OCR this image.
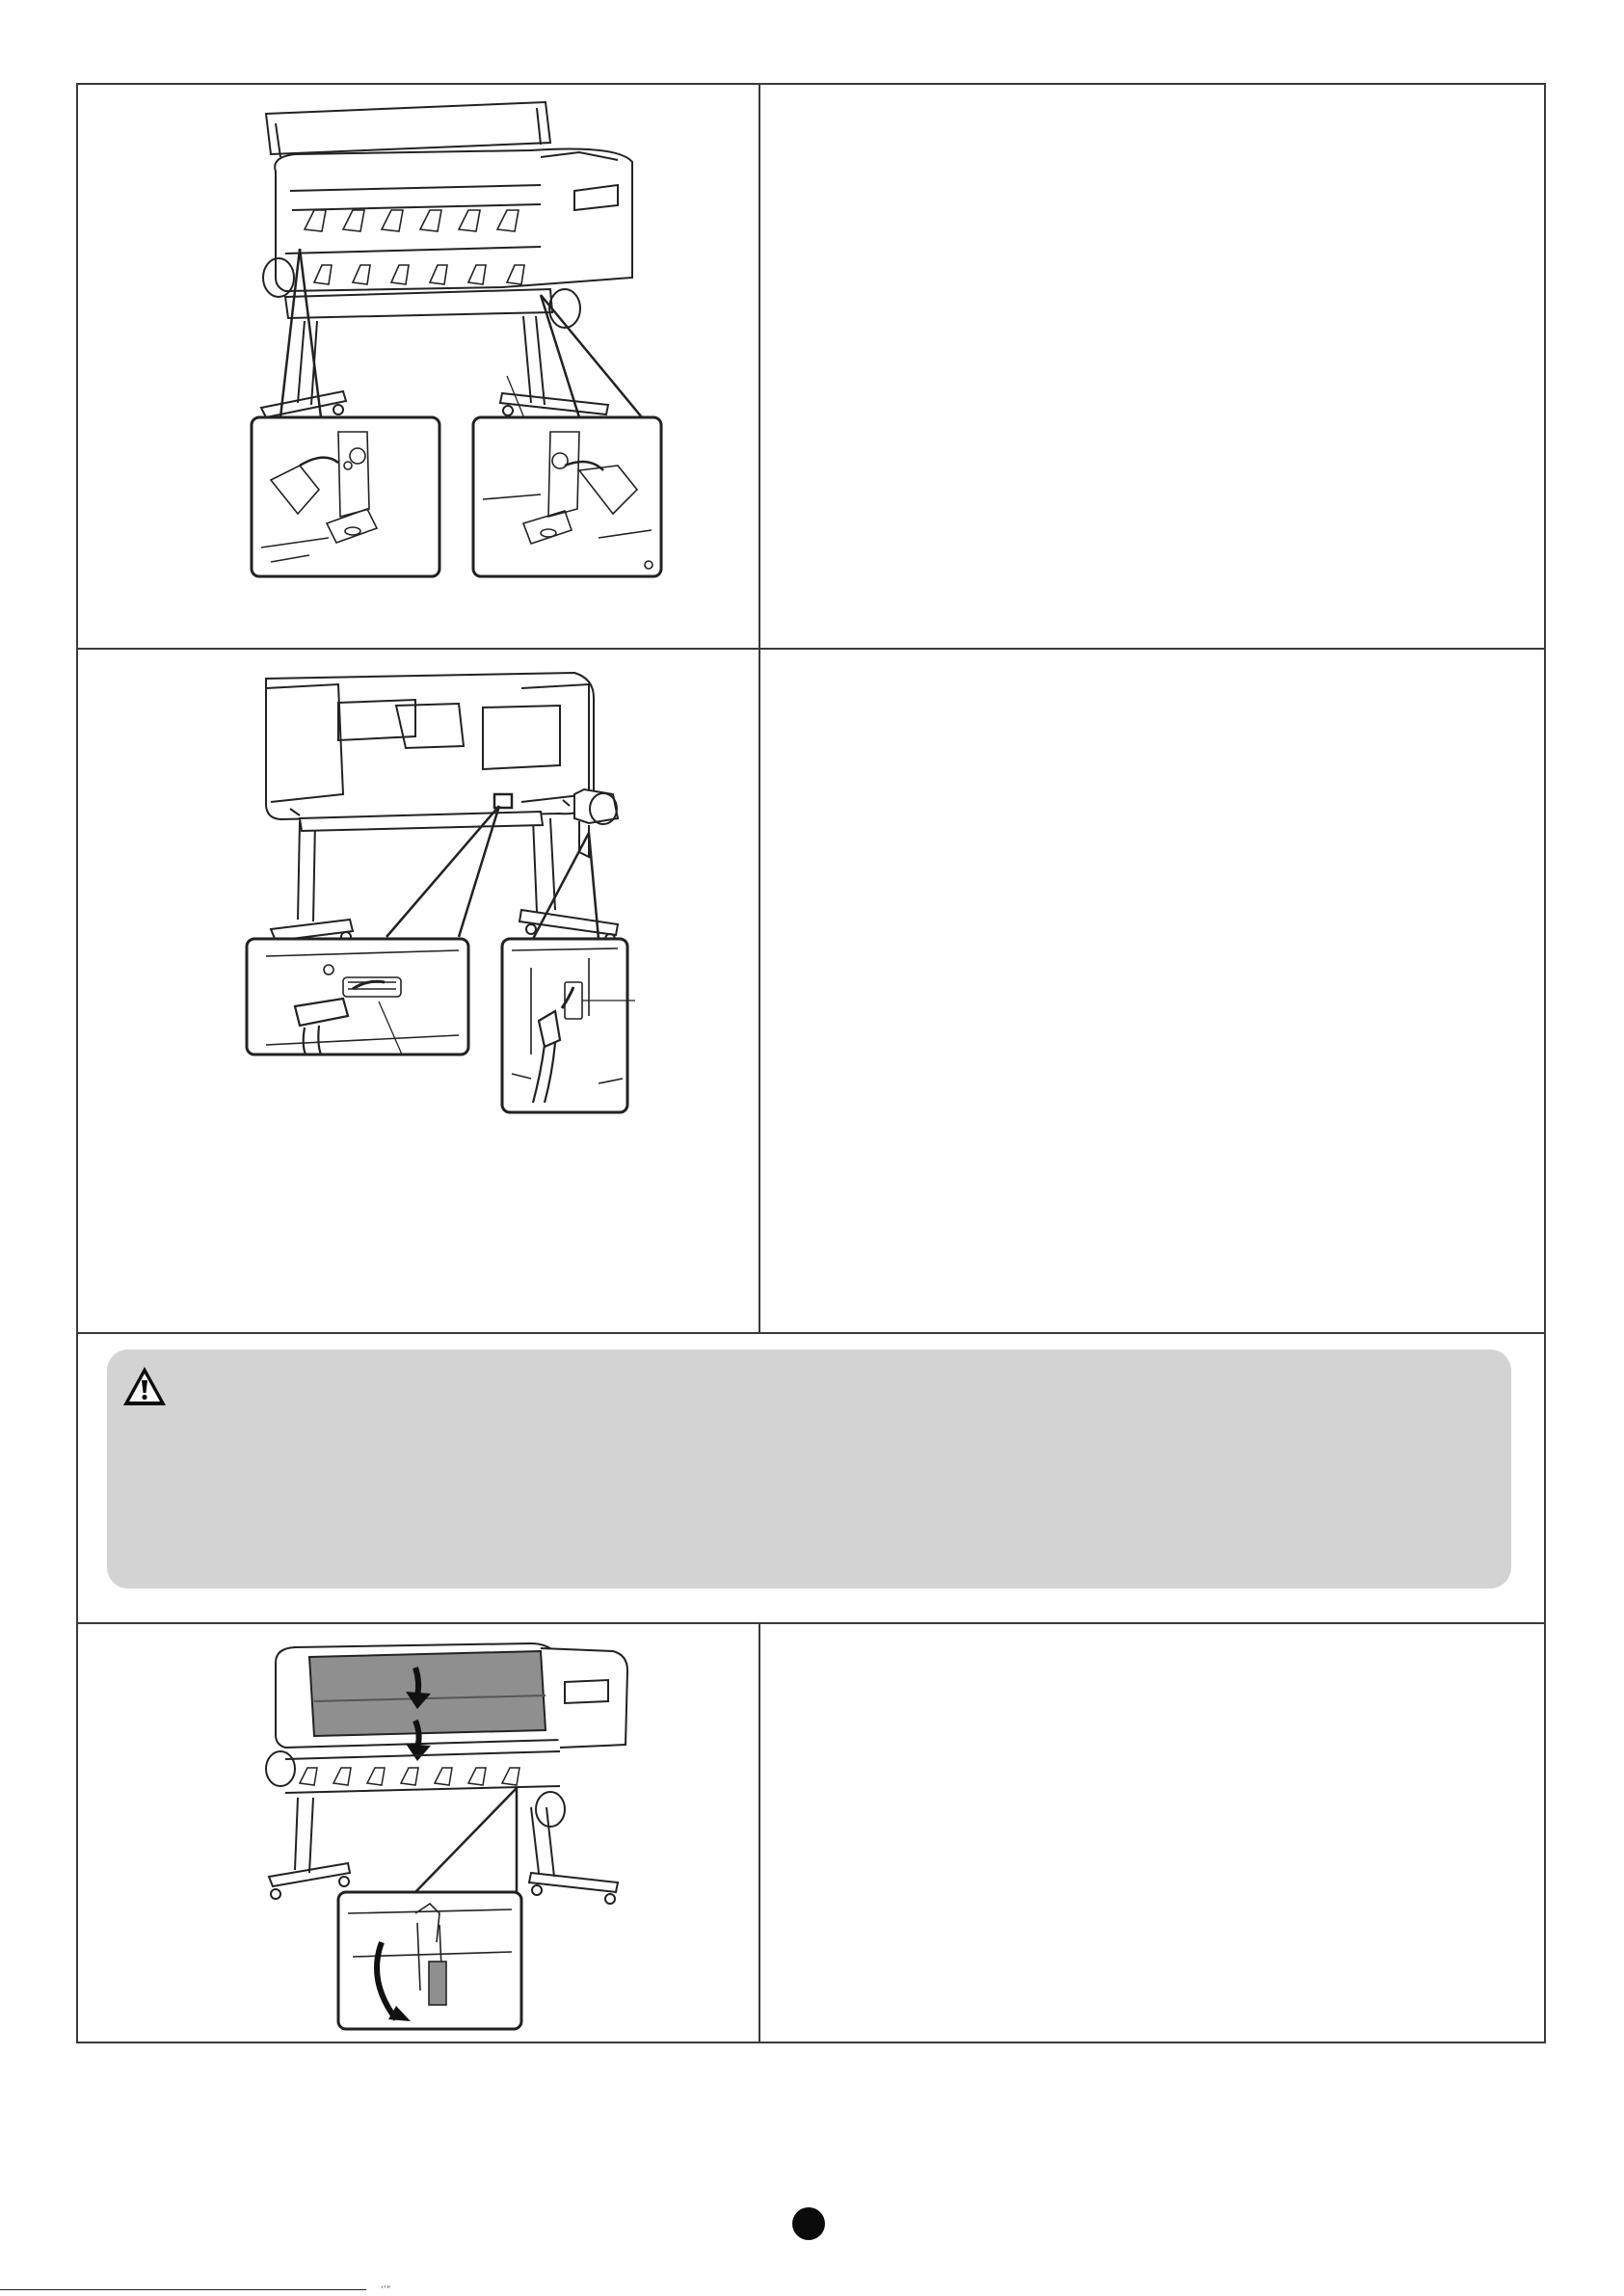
‘’”
